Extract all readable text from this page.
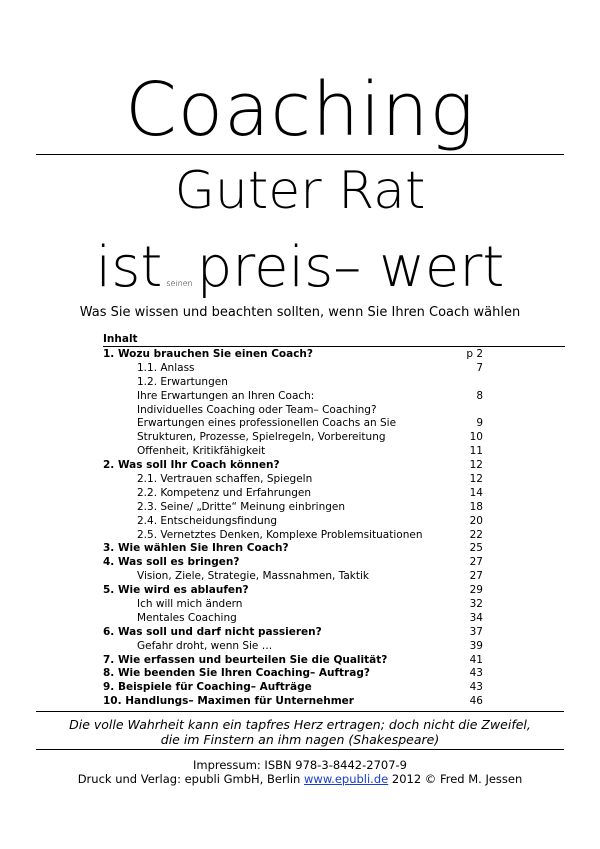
Coaching
Guter Rat
ist seinenpreis– wert
Was Sie wissen und beachten sollten, wenn Sie Ihren Coach wählen
Inhalt
1. Wozu brauchen Sie einen Coach?	p 2
1.1. Anlass	7
1.2. Erwartungen
Ihre Erwartungen an Ihren Coach:	8
Individuelles Coaching oder Team– Coaching?
Erwartungen eines professionellen Coachs an Sie	9
Strukturen, Prozesse, Spielregeln, Vorbereitung	10
Offenheit, Kritikfähigkeit	11
2. Was soll Ihr Coach können?	12
2.1. Vertrauen schaffen, Spiegeln	12
2.2. Kompetenz und Erfahrungen	14
2.3. Seine/ „Dritte“ Meinung einbringen	18
2.4. Entscheidungsfindung	20
2.5. Vernetztes Denken, Komplexe Problemsituationen	22
3. Wie wählen Sie Ihren Coach?	25
4. Was soll es bringen?	27
Vision, Ziele, Strategie, Massnahmen, Taktik	27
5. Wie wird es ablaufen?	29
Ich will mich ändern	32
Mentales Coaching	34
6. Was soll und darf nicht passieren?	37
Gefahr droht, wenn Sie …	39
7. Wie erfassen und beurteilen Sie die Qualität?	41
8. Wie beenden Sie Ihren Coaching– Auftrag?	43
9. Beispiele für Coaching– Aufträge	43
10. Handlungs– Maximen für Unternehmer	46
Die volle Wahrheit kann ein tapfres Herz ertragen; doch nicht die Zweifel,
die im Finstern an ihm nagen (Shakespeare)
Impressum: ISBN 978-3-8442-2707-9
Druck und Verlag: epubli GmbH, Berlin www.epubli.de 2012 © Fred M. Jessen
